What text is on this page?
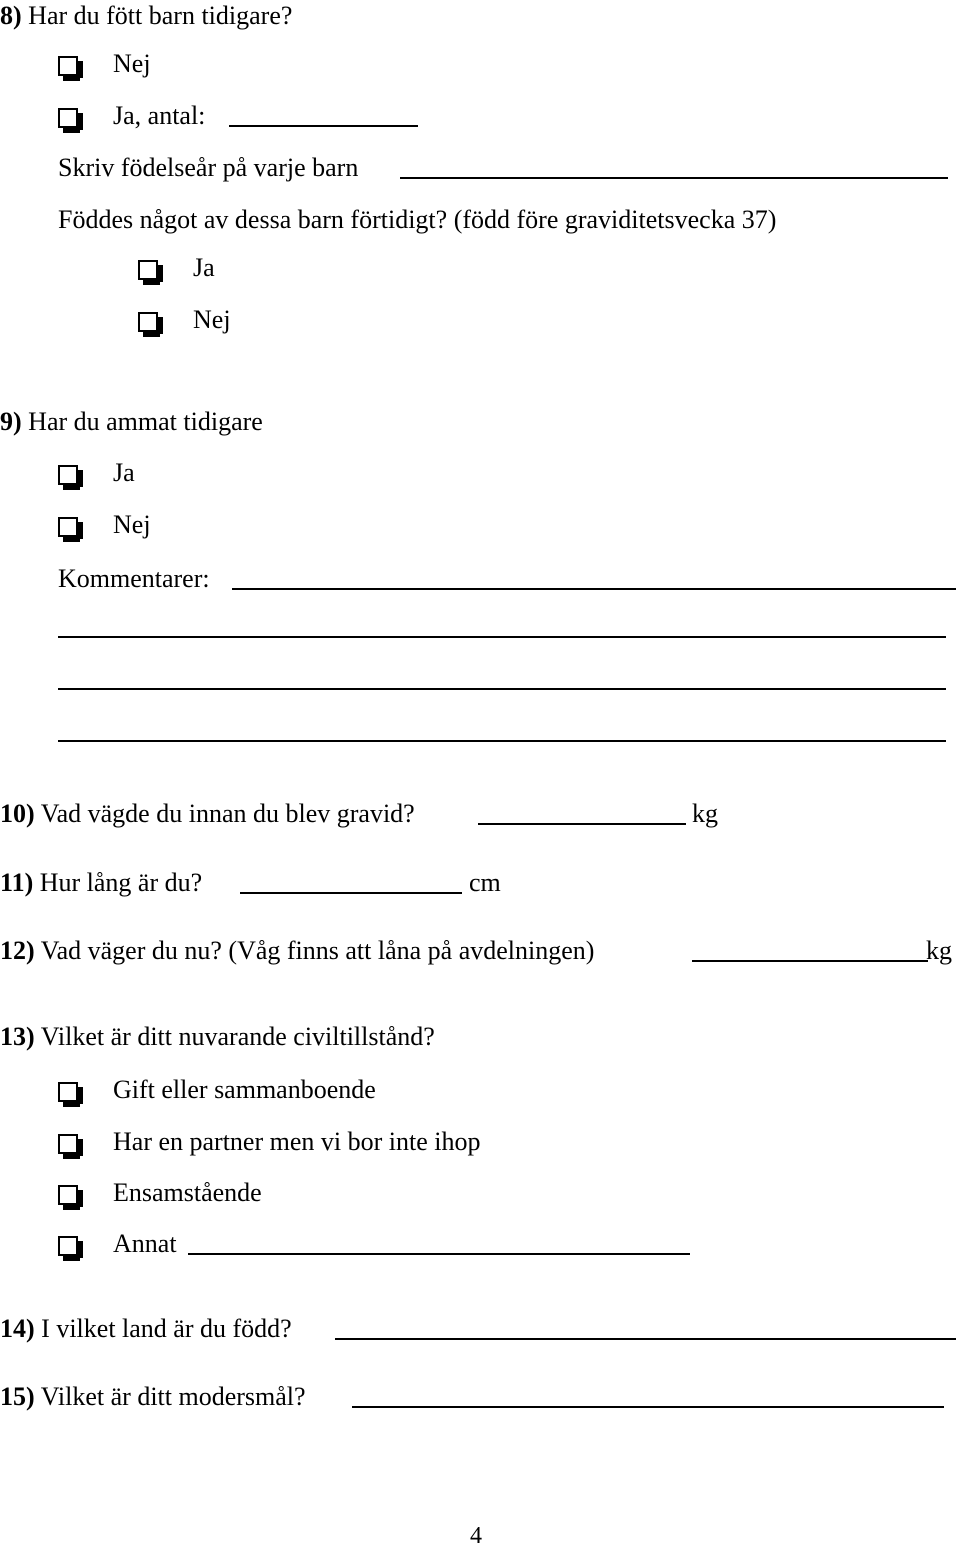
8) Har du fött barn tidigare?
Nej
Ja, antal:
Skriv födelseår på varje barn
Föddes något av dessa barn förtidigt? (född före graviditetsvecka 37)
Ja
Nej
9) Har du ammat tidigare
Ja
Nej
Kommentarer:
10) Vad vägde du innan du blev gravid?	kg
11) Hur lång är du?	cm
12) Vad väger du nu? (Våg finns att låna på avdelningen)	kg
13) Vilket är ditt nuvarande civiltillstånd?
Gift eller sammanboende
Har en partner men vi bor inte ihop
Ensamstående
Annat
14) I vilket land är du född?
15) Vilket är ditt modersmål?
4
